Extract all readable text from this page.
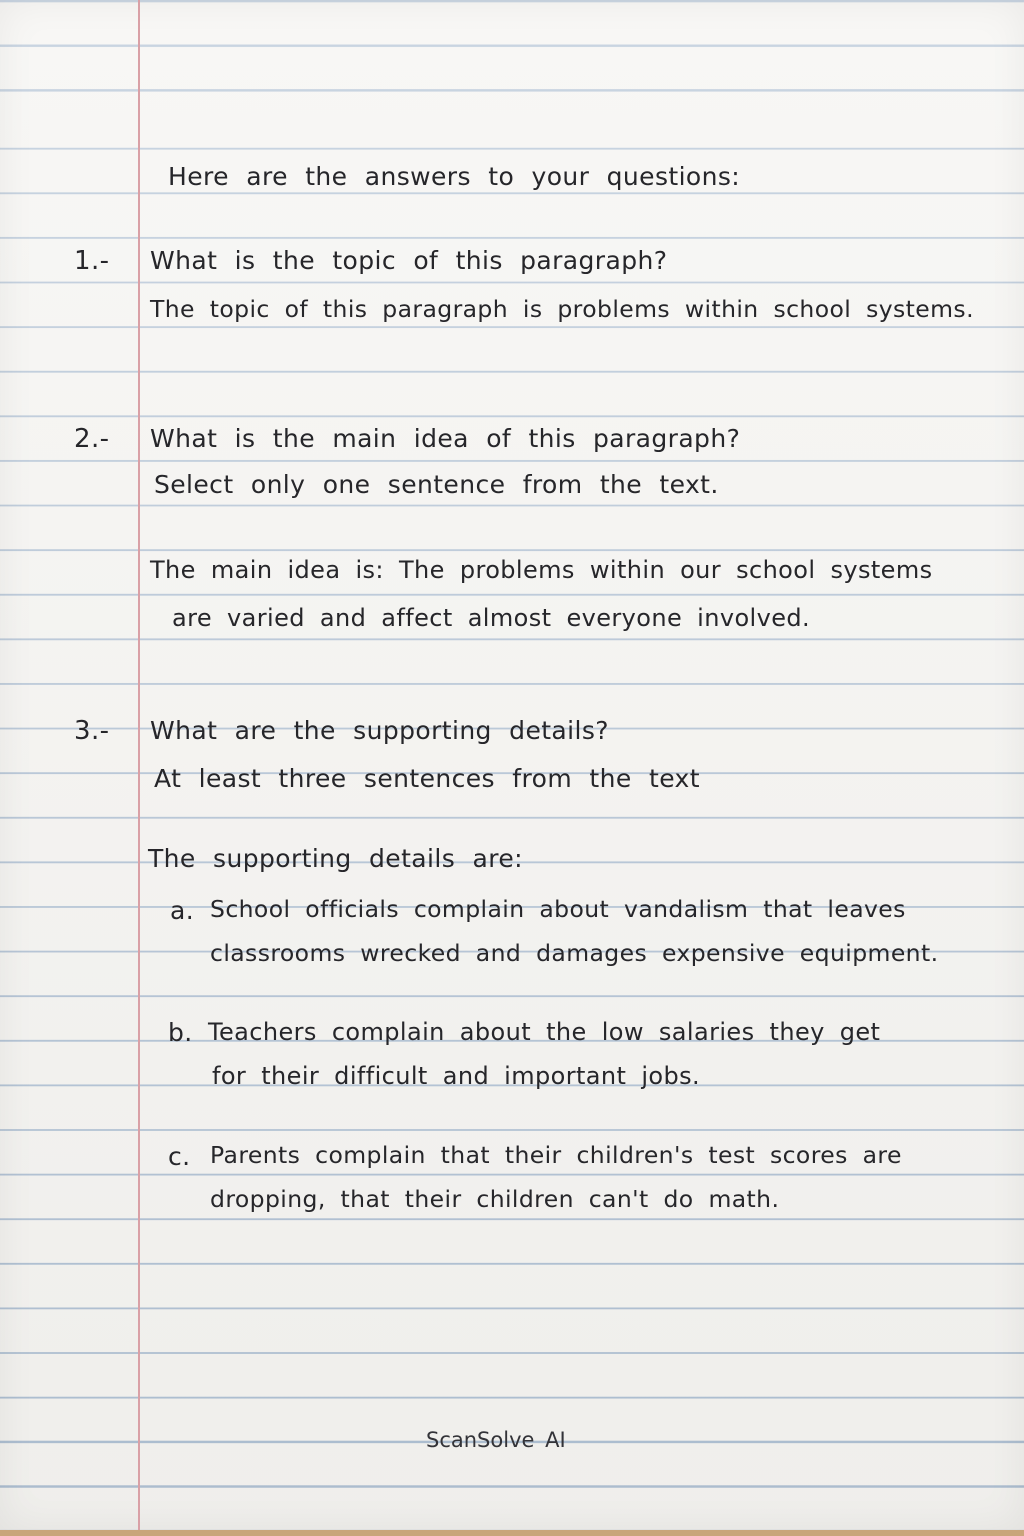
Here are the answers to your questions:
1.- What is the topic of this paragraph?
The topic of this paragraph is problems within school systems.
2.- What is the main idea of this paragraph?
Select only one sentence from the text.
The main idea is: The problems within our school systems
are varied and affect almost everyone involved.
3.- What are the supporting details?
At least three sentences from the text
The supporting details are:
a. School officials complain about vandalism that leaves
classrooms wrecked and damages expensive equipment.
b. Teachers complain about the low salaries they get
for their difficult and important jobs.
c. Parents complain that their children's test scores are
dropping, that their children can't do math.
ScanSolve AI
